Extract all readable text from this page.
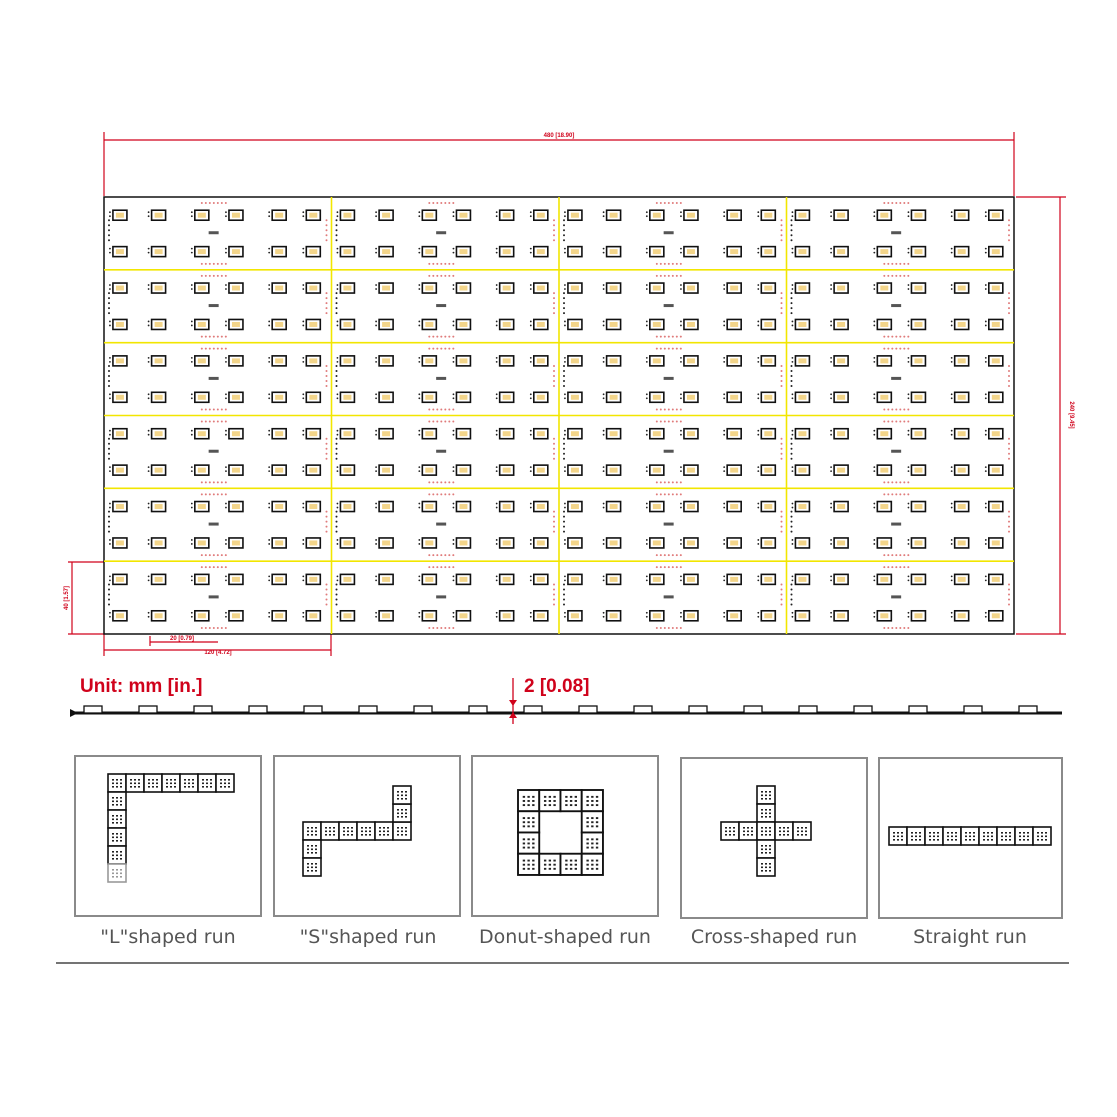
480 [18.90]
240 [9.45]
40 [1.57]
20 [0.79]
120 [4.72]
Unit: mm [in.]	2 [0.08]
"L"shaped run	"S"shaped run Donut-shaped run Cross-shaped run	Straight run
